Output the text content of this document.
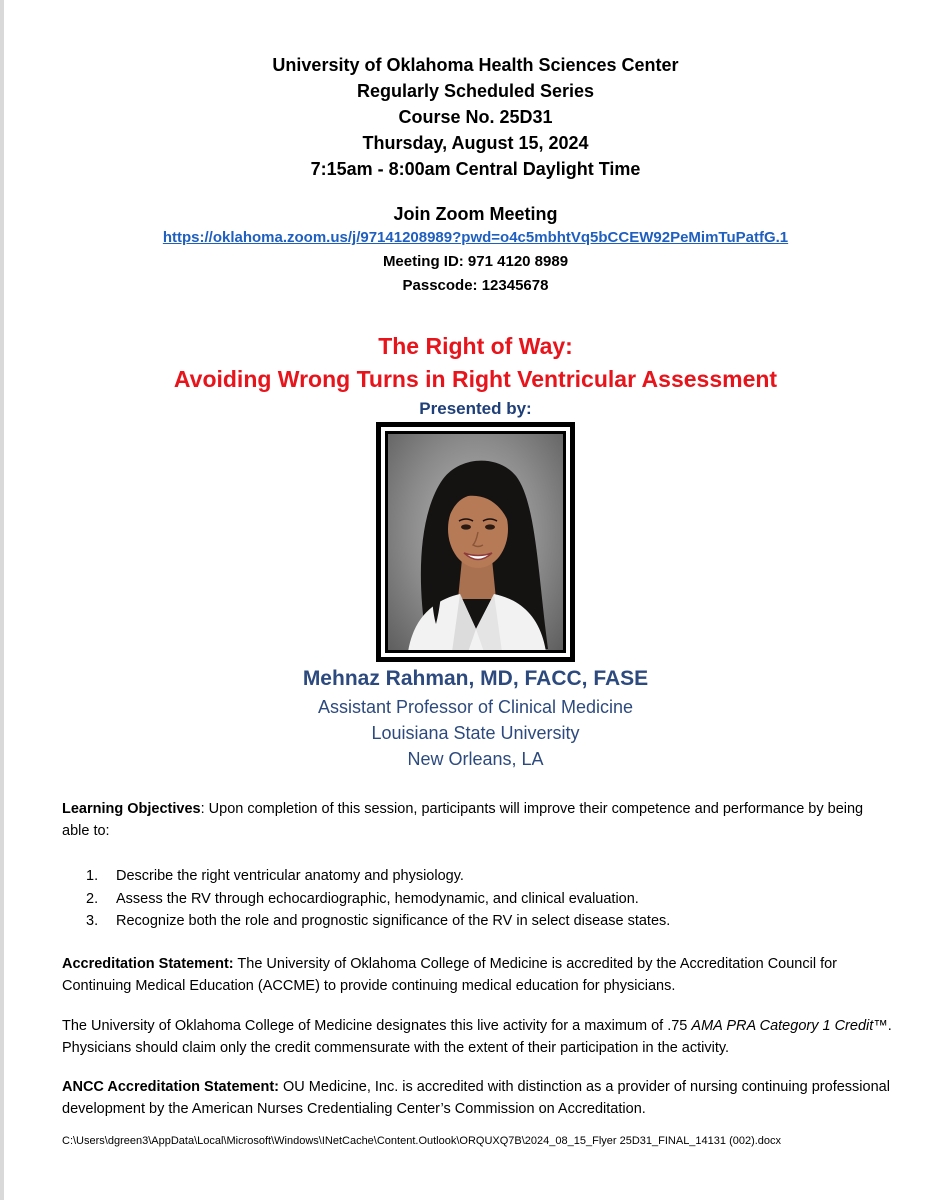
University of Oklahoma Health Sciences Center
Regularly Scheduled Series
Course No. 25D31
Thursday, August 15, 2024
7:15am - 8:00am Central Daylight Time
Join Zoom Meeting
https://oklahoma.zoom.us/j/97141208989?pwd=o4c5mbhtVq5bCCEW92PeMimTuPatfG.1
Meeting ID: 971 4120 8989
Passcode: 12345678
The Right of Way:
Avoiding Wrong Turns in Right Ventricular Assessment
Presented by:
Mehnaz Rahman, MD, FACC, FASE
Assistant Professor of Clinical Medicine
Louisiana State University
New Orleans, LA
Learning Objectives: Upon completion of this session, participants will improve their competence and performance by being able to:
1.	Describe the right ventricular anatomy and physiology.
2.	Assess the RV through echocardiographic, hemodynamic, and clinical evaluation.
3.	Recognize both the role and prognostic significance of the RV in select disease states.
Accreditation Statement: The University of Oklahoma College of Medicine is accredited by the Accreditation Council for Continuing Medical Education (ACCME) to provide continuing medical education for physicians.
The University of Oklahoma College of Medicine designates this live activity for a maximum of .75 AMA PRA Category 1 Credit™. Physicians should claim only the credit commensurate with the extent of their participation in the activity.
ANCC Accreditation Statement: OU Medicine, Inc. is accredited with distinction as a provider of nursing continuing professional development by the American Nurses Credentialing Center’s Commission on Accreditation.
C:\Users\dgreen3\AppData\Local\Microsoft\Windows\INetCache\Content.Outlook\ORQUXQ7B\2024_08_15_Flyer 25D31_FINAL_14131 (002).docx
